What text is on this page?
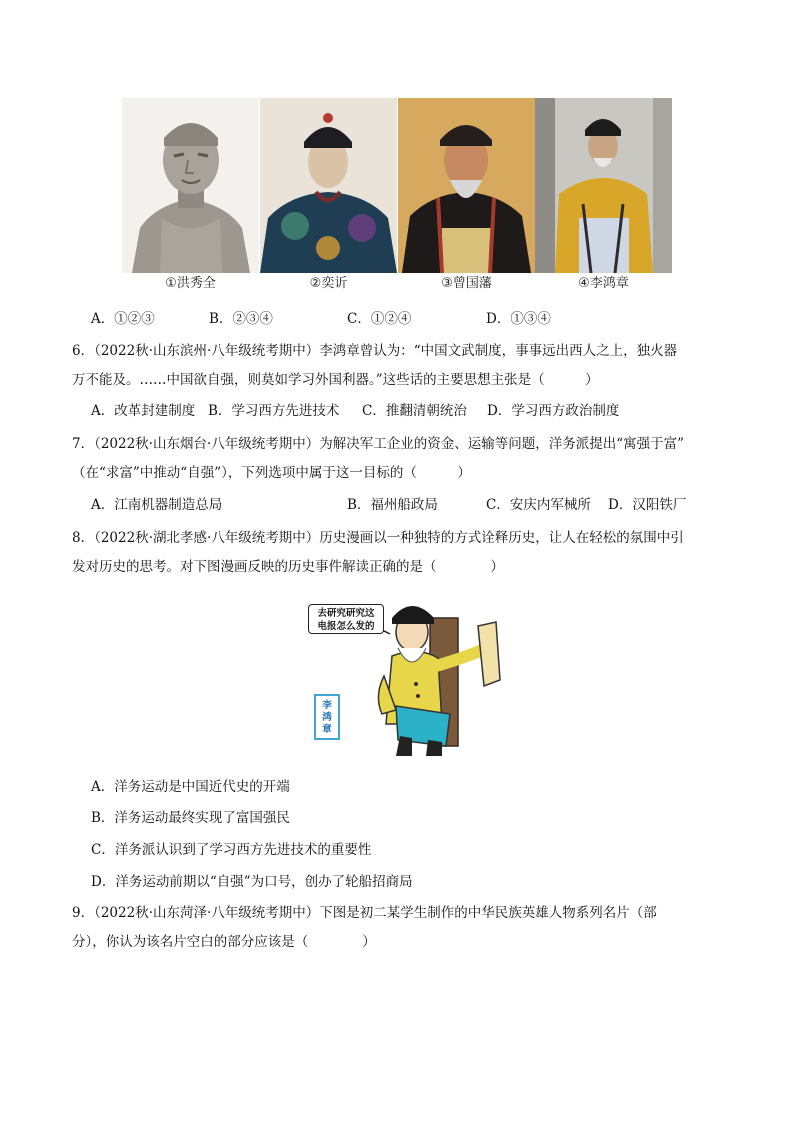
①洪秀全	②奕䜣	③曾国藩	④李鸿章
A．①②③	B．②③④	C．①②④	D．①③④
6．（2022秋·山东滨州·八年级统考期中）李鸿章曾认为：“中国文武制度，事事远出西人之上，独火器
万不能及。……中国欲自强，则莫如学习外国利器。”这些话的主要思想主张是（　　　）
A．改革封建制度 B．学习西方先进技术 C．推翻清朝统治 D．学习西方政治制度
7．（2022秋·山东烟台·八年级统考期中）为解决军工企业的资金、运输等问题，洋务派提出“寓强于富”
（在“求富”中推动“自强”），下列选项中属于这一目标的（　　　）
A．江南机器制造总局	B．福州船政局	C．安庆内军械所 D．汉阳铁厂
8．（2022秋·湖北孝感·八年级统考期中）历史漫画以一种独特的方式诠释历史，让人在轻松的氛围中引
发对历史的思考。对下图漫画反映的历史事件解读正确的是（　　　　）
去研究研究这
电报怎么发的
李
鸿
章
A．洋务运动是中国近代史的开端
B．洋务运动最终实现了富国强民
C．洋务派认识到了学习西方先进技术的重要性
D．洋务运动前期以“自强”为口号，创办了轮船招商局
9．（2022秋·山东菏泽·八年级统考期中）下图是初二某学生制作的中华民族英雄人物系列名片（部
分），你认为该名片空白的部分应该是（　　　　）
